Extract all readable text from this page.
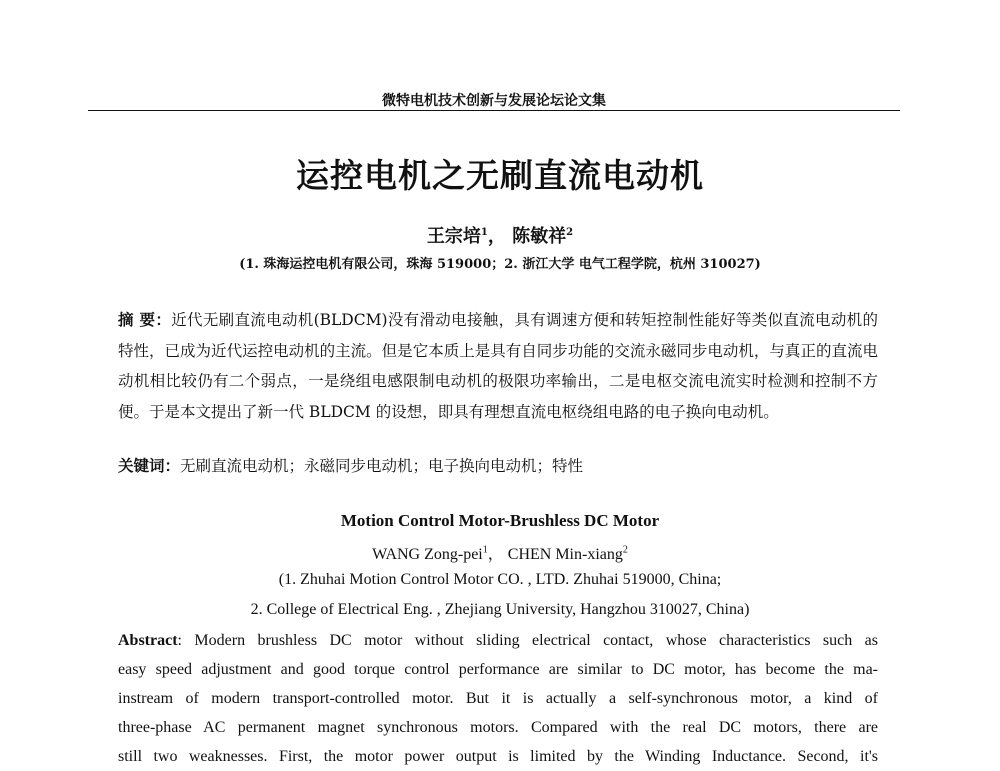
微特电机技术创新与发展论坛论文集
运控电机之无刷直流电动机
王宗培$^1$， 陈敏祥$^2$
(1. 珠海运控电机有限公司，珠海 519000；2. 浙江大学 电气工程学院，杭州 310027)
摘 要：近代无刷直流电动机(BLDCM)没有滑动电接触，具有调速方便和转矩控制性能好等类似直流电动机的特性，已成为近代运控电动机的主流。但是它本质上是具有自同步功能的交流永磁同步电动机，与真正的直流电动机相比较仍有二个弱点，一是绕组电感限制电动机的极限功率输出，二是电枢交流电流实时检测和控制不方便。于是本文提出了新一代 BLDCM 的设想，即具有理想直流电枢绕组电路的电子换向电动机。
关键词：无刷直流电动机；永磁同步电动机；电子换向电动机；特性
Motion Control Motor-Brushless DC Motor
WANG Zong-pei$^1$， CHEN Min-xiang$^2$
(1. Zhuhai Motion Control Motor CO. , LTD. Zhuhai 519000, China;
2. College of Electrical Eng. , Zhejiang University, Hangzhou 310027, China)
Abstract: Modern brushless DC motor without sliding electrical contact, whose characteristics such as
easy speed adjustment and good torque control performance are similar to DC motor, has become the ma-
instream of modern transport-controlled motor. But it is actually a self-synchronous motor, a kind of
three-phase AC permanent magnet synchronous motors. Compared with the real DC motors, there are
still two weaknesses. First, the motor power output is limited by the Winding Inductance. Second, it's
